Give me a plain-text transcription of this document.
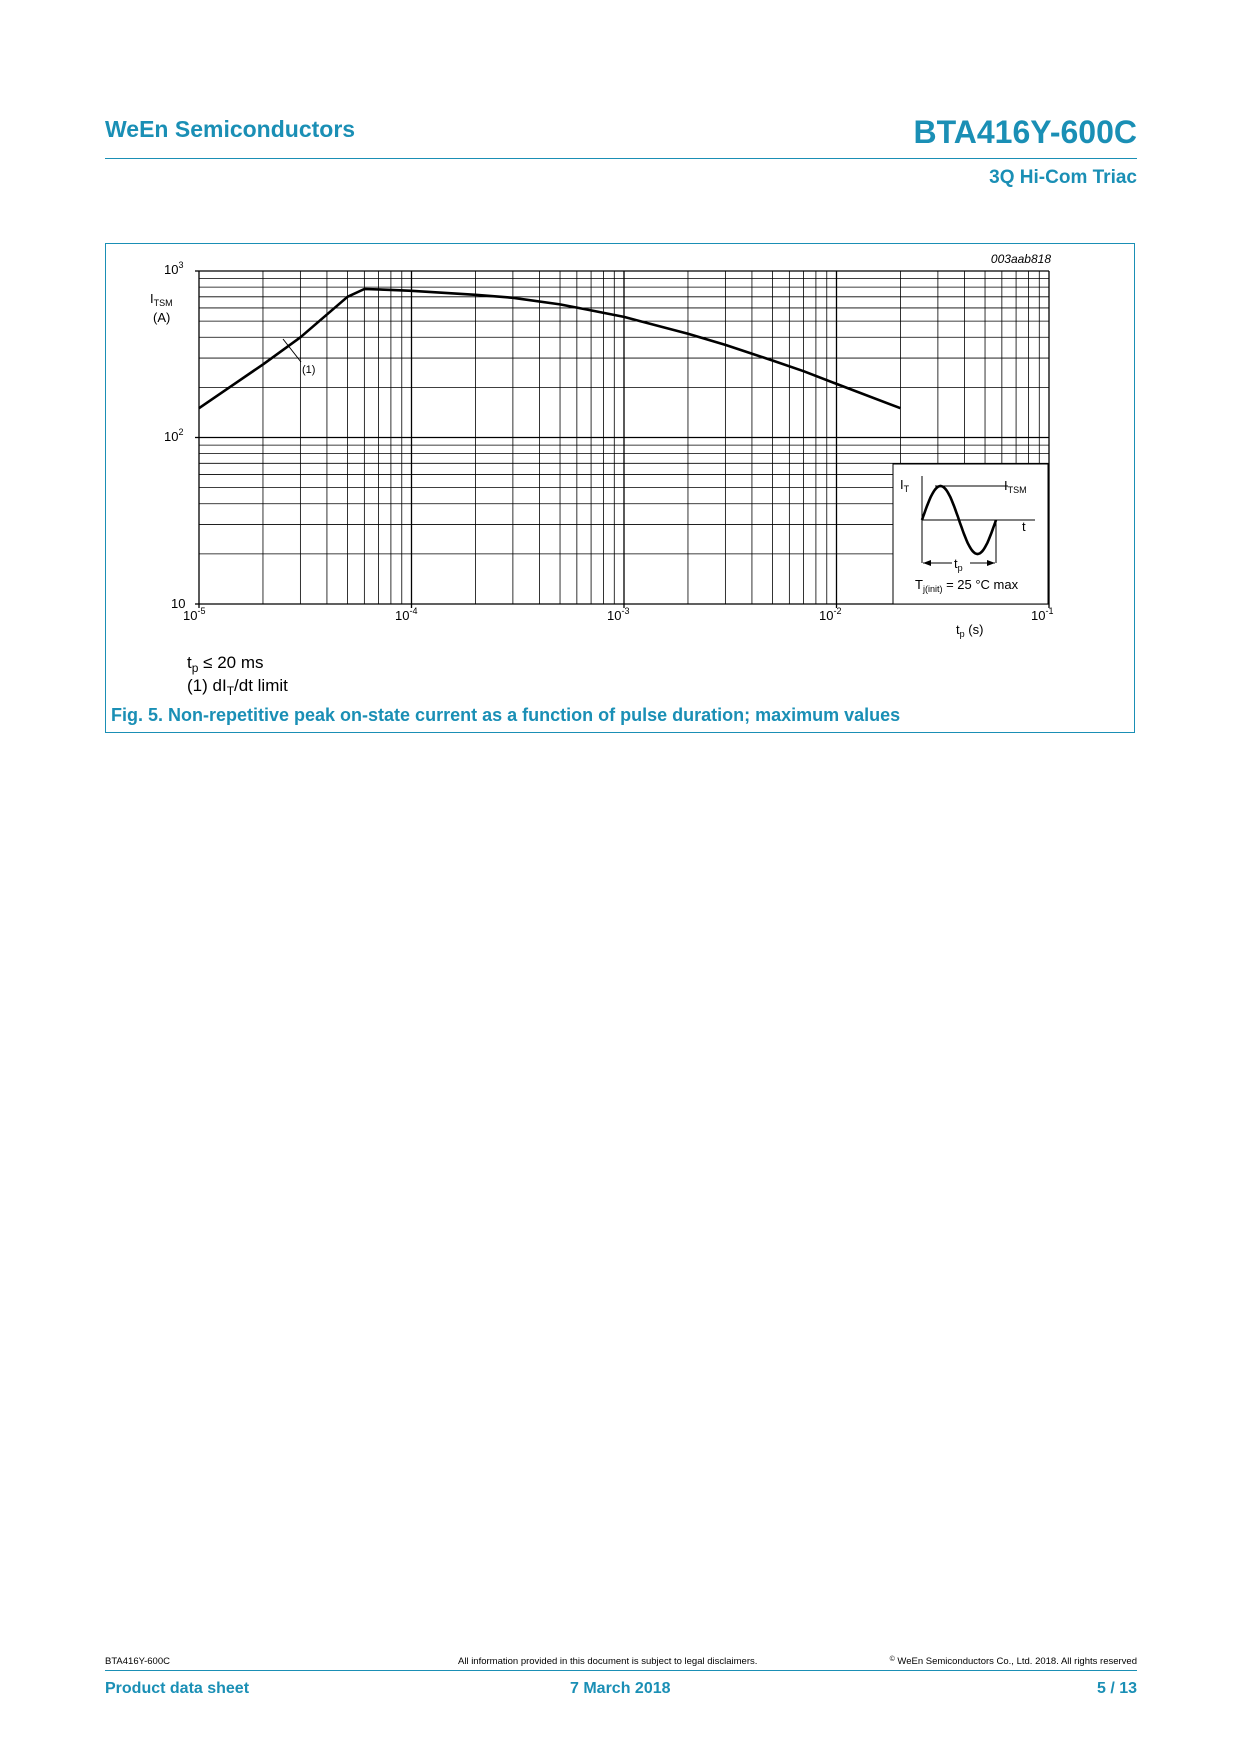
WeEn Semiconductors	BTA416Y-600C
3Q Hi-Com Triac
(1)
003aab818
$I_{TSM}$
(A)
$10^3$
$10^2$
10
$10^{-5}$	$10^{-4}$	$10^{-3}$	$10^{-2}$	$10^{-1}$
$t_p$ (s)
$t_p$
$I_T$	$I_{TSM}$
t
$T_{j(init)} = 25$ °C max
$t_p \le 20$ ms
(1) $dI_T/dt$ limit
Fig. 5. Non-repetitive peak on-state current as a function of pulse duration; maximum values
BTA416Y-600C	All information provided in this document is subject to legal disclaimers.	© WeEn Semiconductors Co., Ltd. 2018. All rights reserved
Product data sheet	7 March 2018	5 / 13
